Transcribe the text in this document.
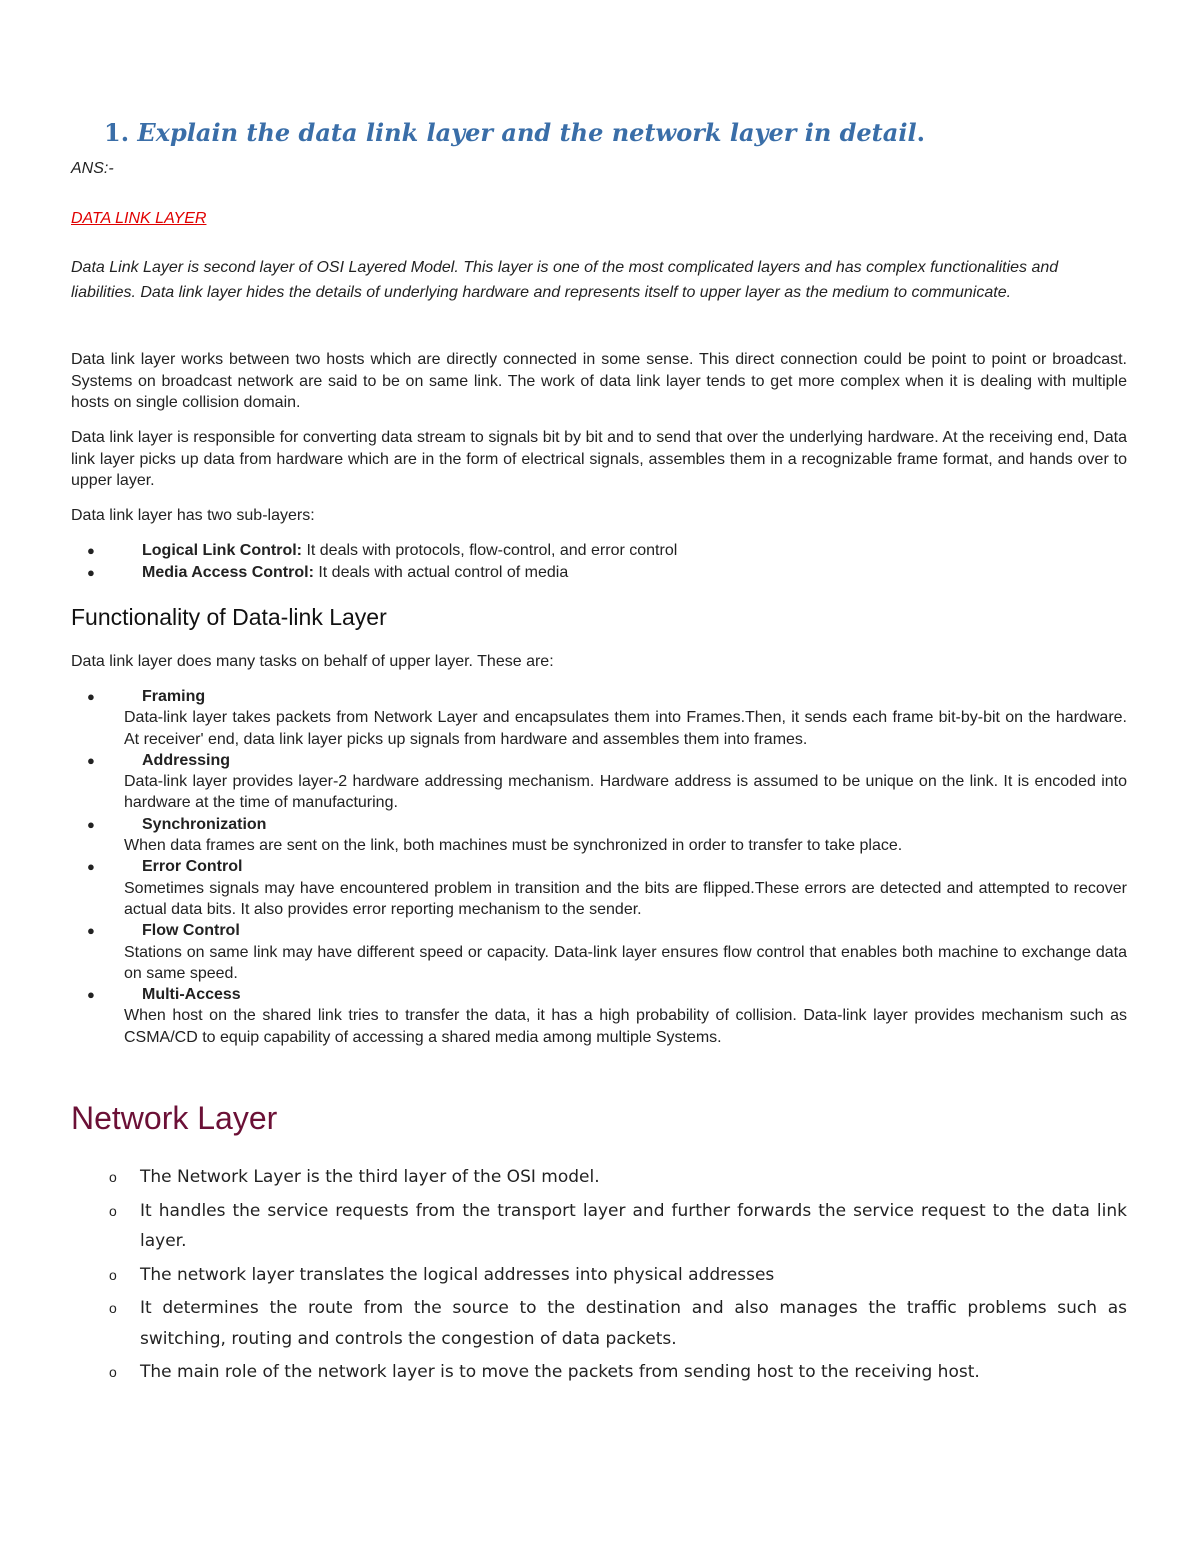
1. Explain the data link layer and the network layer in detail.

ANS:-

DATA LINK LAYER

Data Link Layer is second layer of OSI Layered Model. This layer is one of the most complicated layers and has complex functionalities and liabilities. Data link layer hides the details of underlying hardware and represents itself to upper layer as the medium to communicate.

Data link layer works between two hosts which are directly connected in some sense. This direct connection could be point to point or broadcast. Systems on broadcast network are said to be on same link. The work of data link layer tends to get more complex when it is dealing with multiple hosts on single collision domain.

Data link layer is responsible for converting data stream to signals bit by bit and to send that over the underlying hardware. At the receiving end, Data link layer picks up data from hardware which are in the form of electrical signals, assembles them in a recognizable frame format, and hands over to upper layer.

Data link layer has two sub-layers:

●	Logical Link Control: It deals with protocols, flow-control, and error control
●	Media Access Control: It deals with actual control of media
Functionality of Data-link Layer

Data link layer does many tasks on behalf of upper layer. These are:

●	Framing
Data-link layer takes packets from Network Layer and encapsulates them into Frames.Then, it sends each frame bit-by-bit on the hardware. At receiver' end, data link layer picks up signals from hardware and assembles them into frames.
●	Addressing
Data-link layer provides layer-2 hardware addressing mechanism. Hardware address is assumed to be unique on the link. It is encoded into hardware at the time of manufacturing.
●	Synchronization
When data frames are sent on the link, both machines must be synchronized in order to transfer to take place.
●	Error Control
Sometimes signals may have encountered problem in transition and the bits are flipped.These errors are detected and attempted to recover actual data bits. It also provides error reporting mechanism to the sender.
●	Flow Control
Stations on same link may have different speed or capacity. Data-link layer ensures flow control that enables both machine to exchange data on same speed.
●	Multi-Access
When host on the shared link tries to transfer the data, it has a high probability of collision. Data-link layer provides mechanism such as CSMA/CD to equip capability of accessing a shared media among multiple Systems.
Network Layer
o The Network Layer is the third layer of the OSI model.
o It handles the service requests from the transport layer and further forwards the service request to the data link layer.
o The network layer translates the logical addresses into physical addresses
o It determines the route from the source to the destination and also manages the traffic problems such as switching, routing and controls the congestion of data packets.
o The main role of the network layer is to move the packets from sending host to the receiving host.
